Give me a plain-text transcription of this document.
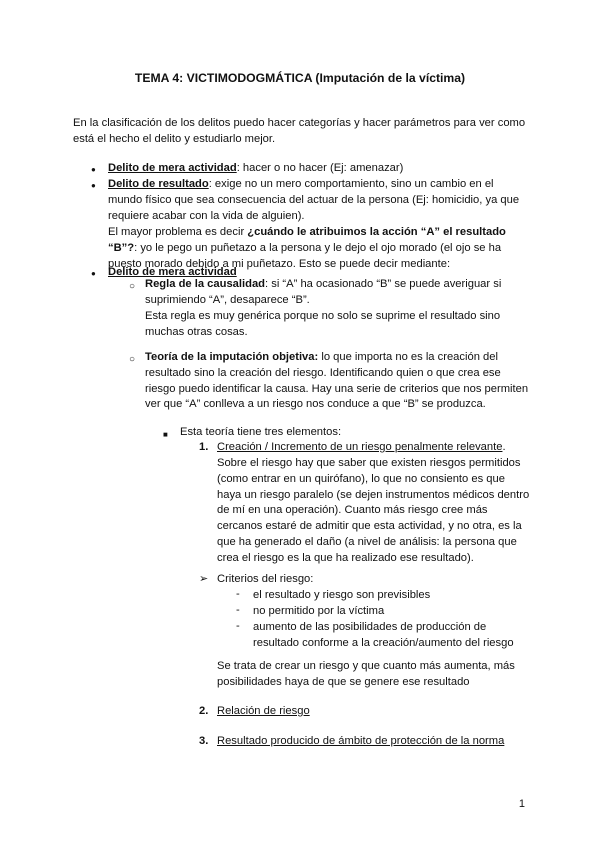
TEMA 4: VICTIMODOGMÁTICA (Imputación de la víctima)

En la clasificación de los delitos puedo hacer categorías y hacer parámetros para ver como está el hecho el delito y estudiarlo mejor.

● Delito de mera actividad: hacer o no hacer (Ej: amenazar)

● Delito de resultado: exige no un mero comportamiento, sino un cambio en el mundo físico que sea consecuencia del actuar de la persona (Ej: homicidio, ya que requiere acabar con la vida de alguien).

El mayor problema es decir ¿cuándo le atribuimos la acción “A” el resultado “B”?: yo le pego un puñetazo a la persona y le dejo el ojo morado (el ojo se ha puesto morado debido a mi puñetazo. Esto se puede decir mediante:

● Delito de mera actividad

○ Regla de la causalidad: si “A” ha ocasionado “B” se puede averiguar si suprimiendo “A”, desaparece “B”.

Esta regla es muy genérica porque no solo se suprime el resultado sino muchas otras cosas.

○ Teoría de la imputación objetiva: lo que importa no es la creación del resultado sino la creación del riesgo. Identificando quien o que crea ese riesgo puedo identificar la causa. Hay una serie de criterios que nos permiten ver que “A” conlleva a un riesgo nos conduce a que “B” se produzca.

■ Esta teoría tiene tres elementos:

1. Creación / Incremento de un riesgo penalmente relevante.

Sobre el riesgo hay que saber que existen riesgos permitidos (como entrar en un quirófano), lo que no consiento es que haya un riesgo paralelo (se dejen instrumentos médicos dentro de mí en una operación). Cuanto más riesgo cree más cercanos estaré de admitir que esta actividad, y no otra, es la que ha generado el daño (a nivel de análisis: la persona que crea el riesgo es la que ha realizado ese resultado).

➢ Criterios del riesgo:

- el resultado y riesgo son previsibles

- no permitido por la víctima

- aumento de las posibilidades de producción de resultado conforme a la creación/aumento del riesgo

Se trata de crear un riesgo y que cuanto más aumenta, más posibilidades haya de que se genere ese resultado

2. Relación de riesgo

3. Resultado producido de ámbito de protección de la norma

1
